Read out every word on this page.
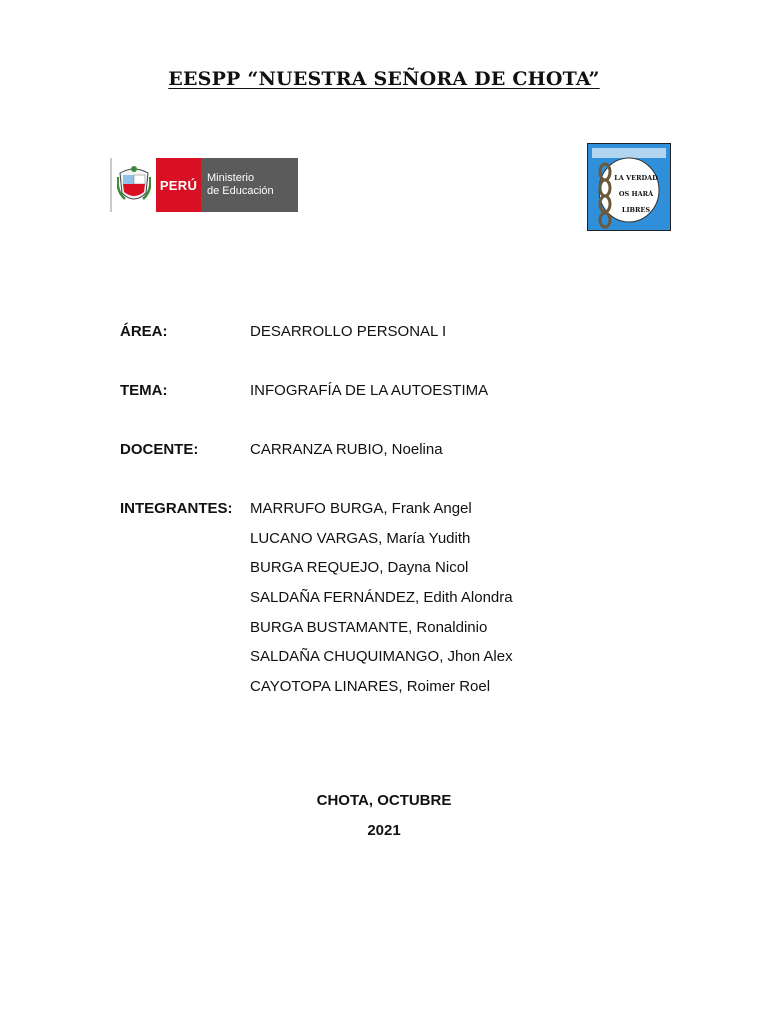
EESPP “NUESTRA SEÑORA DE CHOTA”
PERÚ Ministerio
de Educación
LA VERDAD
OS HARÁ
LIBRES
ÁREA:	DESARROLLO PERSONAL I
TEMA:	INFOGRAFÍA DE LA AUTOESTIMA
DOCENTE:	CARRANZA RUBIO, Noelina
INTEGRANTES: MARRUFO BURGA, Frank Angel
LUCANO VARGAS, María Yudith
BURGA REQUEJO, Dayna Nicol
SALDAÑA FERNÁNDEZ, Edith Alondra
BURGA BUSTAMANTE, Ronaldinio
SALDAÑA CHUQUIMANGO, Jhon Alex
CAYOTOPA LINARES, Roimer Roel
CHOTA, OCTUBRE
2021
